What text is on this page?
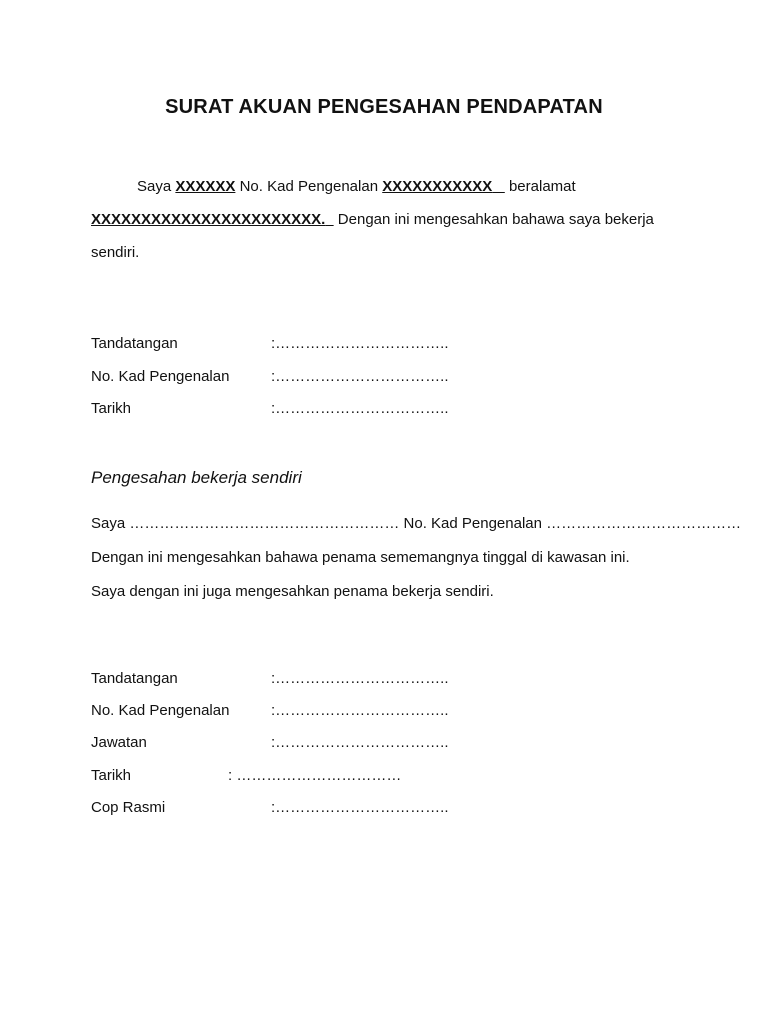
SURAT AKUAN PENGESAHAN PENDAPATAN
Saya XXXXXX No. Kad Pengenalan XXXXXXXXXXX beralamat
XXXXXXXXXXXXXXXXXXXXXXX. Dengan ini mengesahkan bahawa saya bekerja
sendiri.
Tandatangan	:……………………………..
No. Kad Pengenalan	:……………………………..
Tarikh	:……………………………..
Pengesahan bekerja sendiri
Saya ……………………………………………… No. Kad Pengenalan …………………………………
Dengan ini mengesahkan bahawa penama sememangnya tinggal di kawasan ini.
Saya dengan ini juga mengesahkan penama bekerja sendiri.
Tandatangan	:……………………………..
No. Kad Pengenalan	:……………………………..
Jawatan	:……………………………..
Tarikh	: ……………………………
Cop Rasmi	:……………………………..
